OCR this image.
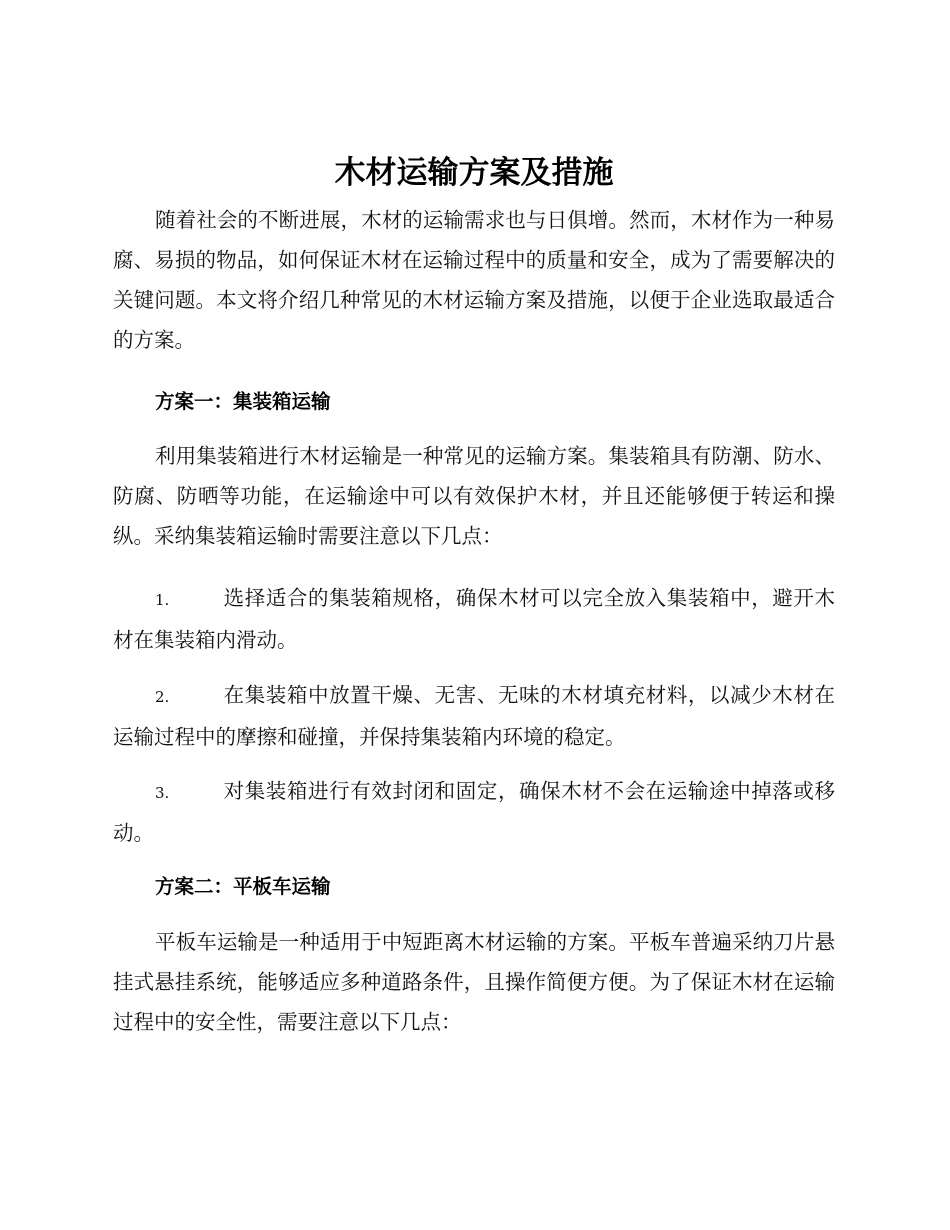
木材运输方案及措施

随着社会的不断进展，木材的运输需求也与日俱增。然而，木材作为一种易腐、易损的物品，如何保证木材在运输过程中的质量和安全，成为了需要解决的关键问题。本文将介绍几种常见的木材运输方案及措施，以便于企业选取最适合的方案。

方案一：集装箱运输

利用集装箱进行木材运输是一种常见的运输方案。集装箱具有防潮、防水、防腐、防晒等功能，在运输途中可以有效保护木材，并且还能够便于转运和操纵。采纳集装箱运输时需要注意以下几点：

1.	选择适合的集装箱规格，确保木材可以完全放入集装箱中，避开木材在集装箱内滑动。

2.	在集装箱中放置干燥、无害、无味的木材填充材料，以减少木材在运输过程中的摩擦和碰撞，并保持集装箱内环境的稳定。

3.	对集装箱进行有效封闭和固定，确保木材不会在运输途中掉落或移动。

方案二：平板车运输

平板车运输是一种适用于中短距离木材运输的方案。平板车普遍采纳刀片悬挂式悬挂系统，能够适应多种道路条件，且操作简便方便。为了保证木材在运输过程中的安全性，需要注意以下几点：
